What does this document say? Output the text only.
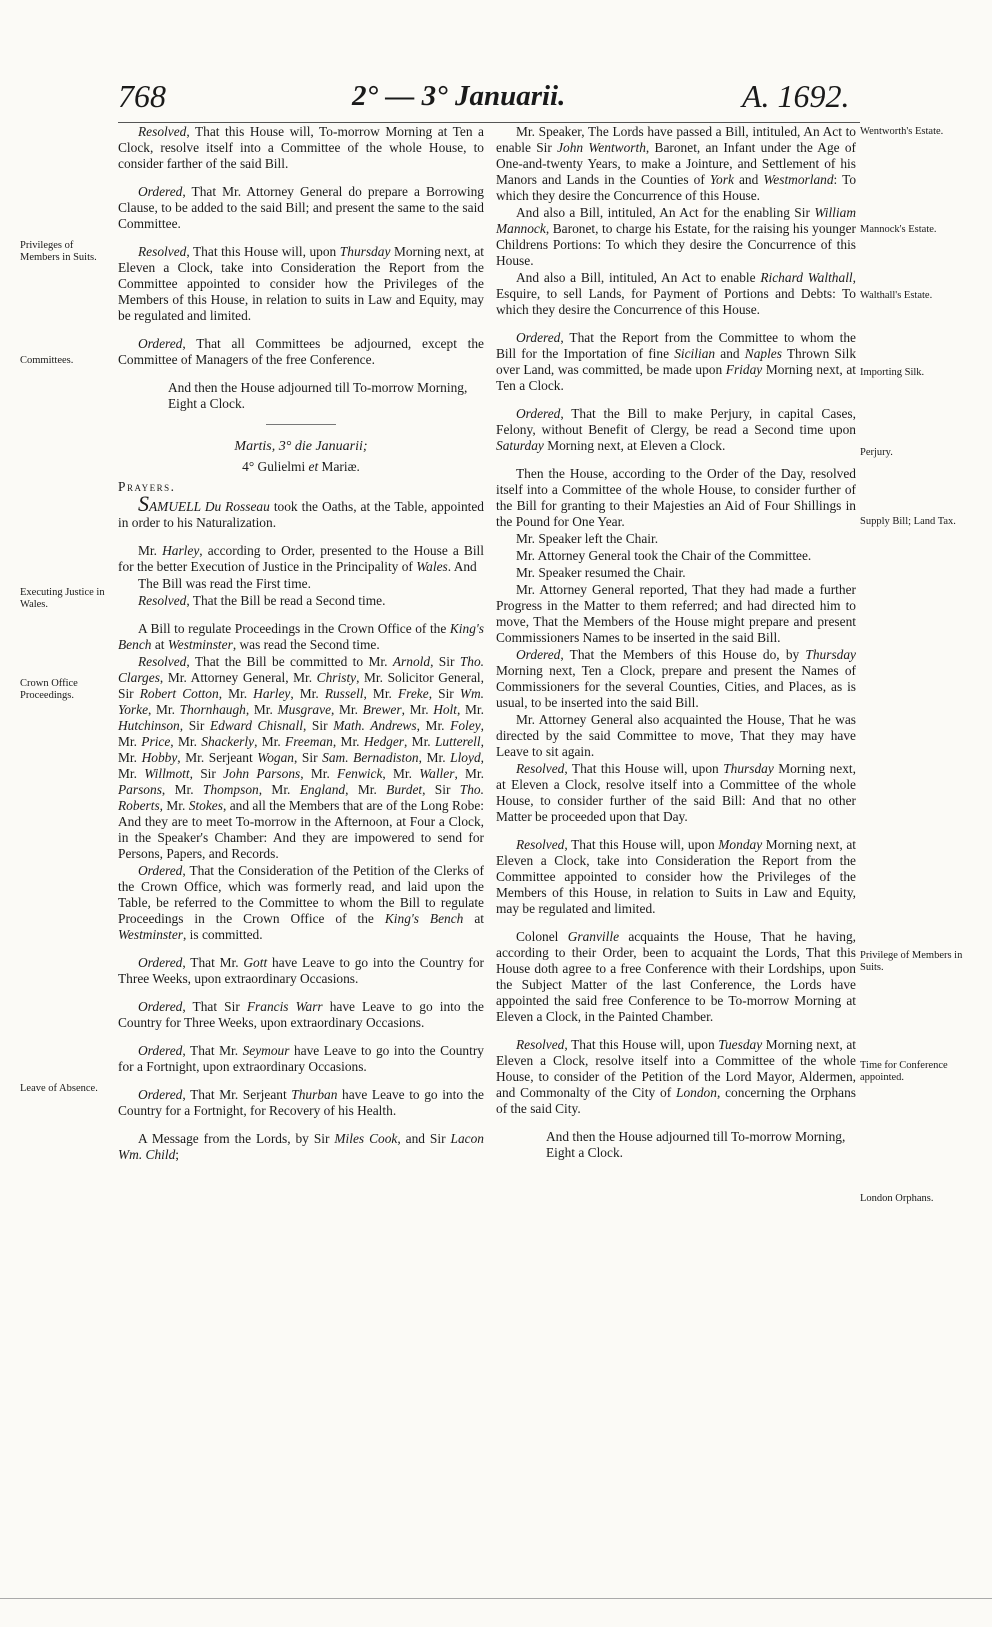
768	2° — 3° Januarii.	A. 1692.

Resolved, That this House will, To-morrow Morning at Ten a Clock, resolve itself into a Committee of the whole House, to consider farther of the said Bill.

Ordered, That Mr. Attorney General do prepare a Borrowing Clause, to be added to the said Bill; and present the same to the said Committee.

Resolved, That this House will, upon Thursday Morning next, at Eleven a Clock, take into Consideration the Report from the Committee appointed to consider how the Privileges of the Members of this House, in relation to suits in Law and Equity, may be regulated and limited.

Ordered, That all Committees be adjourned, except the Committee of Managers of the free Conference.

And then the House adjourned till To-morrow Morning, Eight a Clock.

Martis, 3° die Januarii;
4° Gulielmi et Mariæ.

Prayers.

SAMUELL Du Rosseau took the Oaths, at the Table, appointed in order to his Naturalization.

Mr. Harley, according to Order, presented to the House a Bill for the better Execution of Justice in the Principality of Wales. And

The Bill was read the First time.

Resolved, That the Bill be read a Second time.

A Bill to regulate Proceedings in the Crown Office of the King's Bench at Westminster, was read the Second time.

Resolved, That the Bill be committed to Mr. Arnold, Sir Tho. Clarges, Mr. Attorney General, Mr. Christy, Mr. Solicitor General, Sir Robert Cotton, Mr. Harley, Mr. Russell, Mr. Freke, Sir Wm. Yorke, Mr. Thornhaugh, Mr. Musgrave, Mr. Brewer, Mr. Holt, Mr. Hutchinson, Sir Edward Chisnall, Sir Math. Andrews, Mr. Foley, Mr. Price, Mr. Shackerly, Mr. Freeman, Mr. Hedger, Mr. Lutterell, Mr. Hobby, Mr. Serjeant Wogan, Sir Sam. Bernadiston, Mr. Lloyd, Mr. Willmott, Sir John Parsons, Mr. Fenwick, Mr. Waller, Mr. Parsons, Mr. Thompson, Mr. England, Mr. Burdet, Sir Tho. Roberts, Mr. Stokes, and all the Members that are of the Long Robe: And they are to meet To-morrow in the Afternoon, at Four a Clock, in the Speaker's Chamber: And they are impowered to send for Persons, Papers, and Records.

Ordered, That the Consideration of the Petition of the Clerks of the Crown Office, which was formerly read, and laid upon the Table, be referred to the Committee to whom the Bill to regulate Proceedings in the Crown Office of the King's Bench at Westminster, is committed.

Ordered, That Mr. Gott have Leave to go into the Country for Three Weeks, upon extraordinary Occasions.

Ordered, That Sir Francis Warr have Leave to go into the Country for Three Weeks, upon extraordinary Occasions.

Ordered, That Mr. Seymour have Leave to go into the Country for a Fortnight, upon extraordinary Occasions.

Ordered, That Mr. Serjeant Thurban have Leave to go into the Country for a Fortnight, for Recovery of his Health.

A Message from the Lords, by Sir Miles Cook, and Sir Lacon Wm. Child;

Mr. Speaker, The Lords have passed a Bill, intituled, An Act to enable Sir John Wentworth, Baronet, an Infant under the Age of One-and-twenty Years, to make a Jointure, and Settlement of his Manors and Lands in the Counties of York and Westmorland: To which they desire the Concurrence of this House.

And also a Bill, intituled, An Act for the enabling Sir William Mannock, Baronet, to charge his Estate, for the raising his younger Childrens Portions: To which they desire the Concurrence of this House.

And also a Bill, intituled, An Act to enable Richard Walthall, Esquire, to sell Lands, for Payment of Portions and Debts: To which they desire the Concurrence of this House.

Ordered, That the Report from the Committee to whom the Bill for the Importation of fine Sicilian and Naples Thrown Silk over Land, was committed, be made upon Friday Morning next, at Ten a Clock.

Ordered, That the Bill to make Perjury, in capital Cases, Felony, without Benefit of Clergy, be read a Second time upon Saturday Morning next, at Eleven a Clock.

Then the House, according to the Order of the Day, resolved itself into a Committee of the whole House, to consider further of the Bill for granting to their Majesties an Aid of Four Shillings in the Pound for One Year.

Mr. Speaker left the Chair.

Mr. Attorney General took the Chair of the Committee.

Mr. Speaker resumed the Chair.

Mr. Attorney General reported, That they had made a further Progress in the Matter to them referred; and had directed him to move, That the Members of the House might prepare and present Commissioners Names to be inserted in the said Bill.

Ordered, That the Members of this House do, by Thursday Morning next, Ten a Clock, prepare and present the Names of Commissioners for the several Counties, Cities, and Places, as is usual, to be inserted into the said Bill.

Mr. Attorney General also acquainted the House, That he was directed by the said Committee to move, That they may have Leave to sit again.

Resolved, That this House will, upon Thursday Morning next, at Eleven a Clock, resolve itself into a Committee of the whole House, to consider further of the said Bill: And that no other Matter be proceeded upon that Day.

Resolved, That this House will, upon Monday Morning next, at Eleven a Clock, take into Consideration the Report from the Committee appointed to consider how the Privileges of the Members of this House, in relation to Suits in Law and Equity, may be regulated and limited.

Colonel Granville acquaints the House, That he having, according to their Order, been to acquaint the Lords, That this House doth agree to a free Conference with their Lordships, upon the Subject Matter of the last Conference, the Lords have appointed the said free Conference to be To-morrow Morning at Eleven a Clock, in the Painted Chamber.

Resolved, That this House will, upon Tuesday Morning next, at Eleven a Clock, resolve itself into a Committee of the whole House, to consider of the Petition of the Lord Mayor, Aldermen, and Commonalty of the City of London, concerning the Orphans of the said City.

And then the House adjourned till To-morrow Morning, Eight a Clock.

Privileges of Members in Suits.
Committees.
Executing Justice in Wales.
Crown Office Proceedings.
Leave of Absence.
Wentworth's Estate.
Mannock's Estate.
Walthall's Estate.
Importing Silk.
Perjury.
Supply Bill; Land Tax.
Privilege of Members in Suits.
Time for Conference appointed.
London Orphans.
